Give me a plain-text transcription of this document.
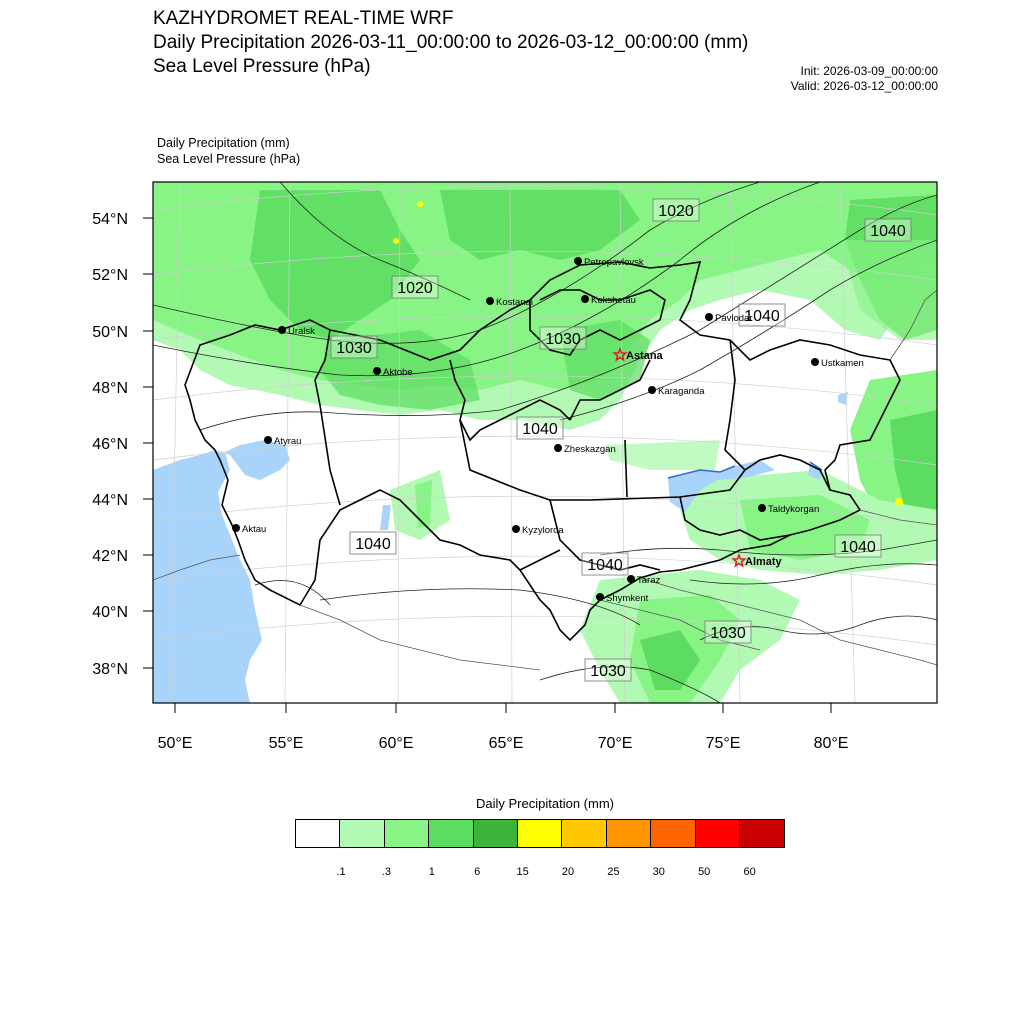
KAZHYDROMET REAL-TIME WRF
Daily Precipitation 2026-03-11_00:00:00 to 2026-03-12_00:00:00 (mm)
Sea Level Pressure (hPa)	Init: 2026-03-09_00:00:00
Valid: 2026-03-12_00:00:00
Daily Precipitation (mm)
Sea Level Pressure (hPa)
54°N
52°N
50°N
48°N
46°N
44°N
42°N
40°N
38°N
50°E	55°E	60°E	65°E	70°E	75°E	80°E
1020
1040
1020
1030
1030
1040
1040
1040
1040
1040
1030
1030
Petropavlovsk
Kostanai	Kokshetau
Uralsk
Pavlodar
Astana
Aktobe
Ustkamen
Karaganda
Atyrau
Zheskazgan
Aktau	Kyzylorda
Taldykorgan
Almaty
Taraz
Shymkent
Daily Precipitation (mm)
.1	.3	1	6	15	20	25	30	50	60
